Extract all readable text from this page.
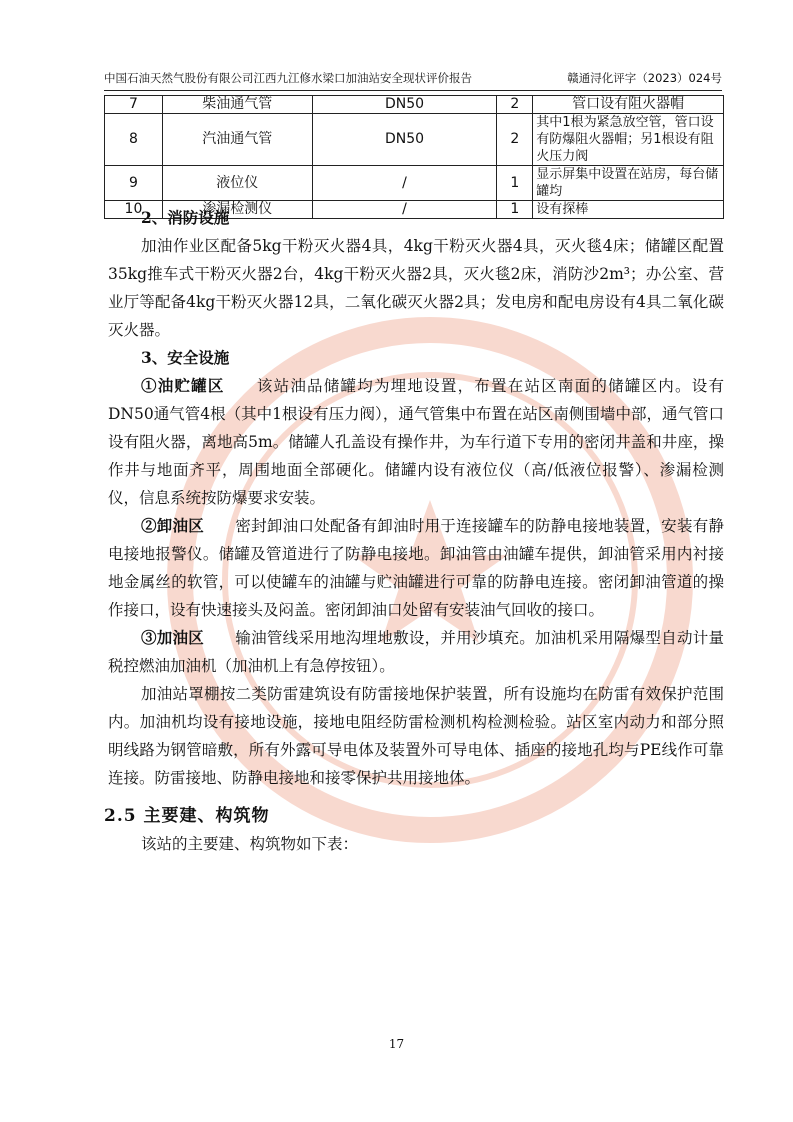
中国石油天然气股份有限公司江西九江修水梁口加油站安全现状评价报告	赣通浔化评字（2023）024号
7	柴油通气管	DN50	2	管口设有阻火器帽
8	汽油通气管	DN50	2	其中1根为紧急放空管，管口设有防爆阻火器帽；另1根设有阻火压力阀
9	液位仪	/	1	显示屏集中设置在站房，每台储罐均
10	渗漏检测仪	/	1	设有探棒

2、消防设施

加油作业区配备5kg干粉灭火器4具，4kg干粉灭火器4具，灭火毯4床；储罐区配置35kg推车式干粉灭火器2台，4kg干粉灭火器2具，灭火毯2床，消防沙2m³；办公室、营业厅等配备4kg干粉灭火器12具，二氧化碳灭火器2具；发电房和配电房设有4具二氧化碳灭火器。

3、安全设施

①油贮罐区   该站油品储罐均为埋地设置，布置在站区南面的储罐区内。设有DN50通气管4根（其中1根设有压力阀），通气管集中布置在站区南侧围墙中部，通气管口设有阻火器，离地高5m。储罐人孔盖设有操作井，为车行道下专用的密闭井盖和井座，操作井与地面齐平，周围地面全部硬化。储罐内设有液位仪（高/低液位报警）、渗漏检测仪，信息系统按防爆要求安装。

②卸油区   密封卸油口处配备有卸油时用于连接罐车的防静电接地装置，安装有静电接地报警仪。储罐及管道进行了防静电接地。卸油管由油罐车提供，卸油管采用内衬接地金属丝的软管，可以使罐车的油罐与贮油罐进行可靠的防静电连接。密闭卸油管道的操作接口，设有快速接头及闷盖。密闭卸油口处留有安装油气回收的接口。

③加油区   输油管线采用地沟埋地敷设，并用沙填充。加油机采用隔爆型自动计量税控燃油加油机（加油机上有急停按钮）。

加油站罩棚按二类防雷建筑设有防雷接地保护装置，所有设施均在防雷有效保护范围内。加油机均设有接地设施，接地电阻经防雷检测机构检测检验。站区室内动力和部分照明线路为钢管暗敷，所有外露可导电体及装置外可导电体、插座的接地孔均与PE线作可靠连接。防雷接地、防静电接地和接零保护共用接地体。

2.5 主要建、构筑物

该站的主要建、构筑物如下表：

17
